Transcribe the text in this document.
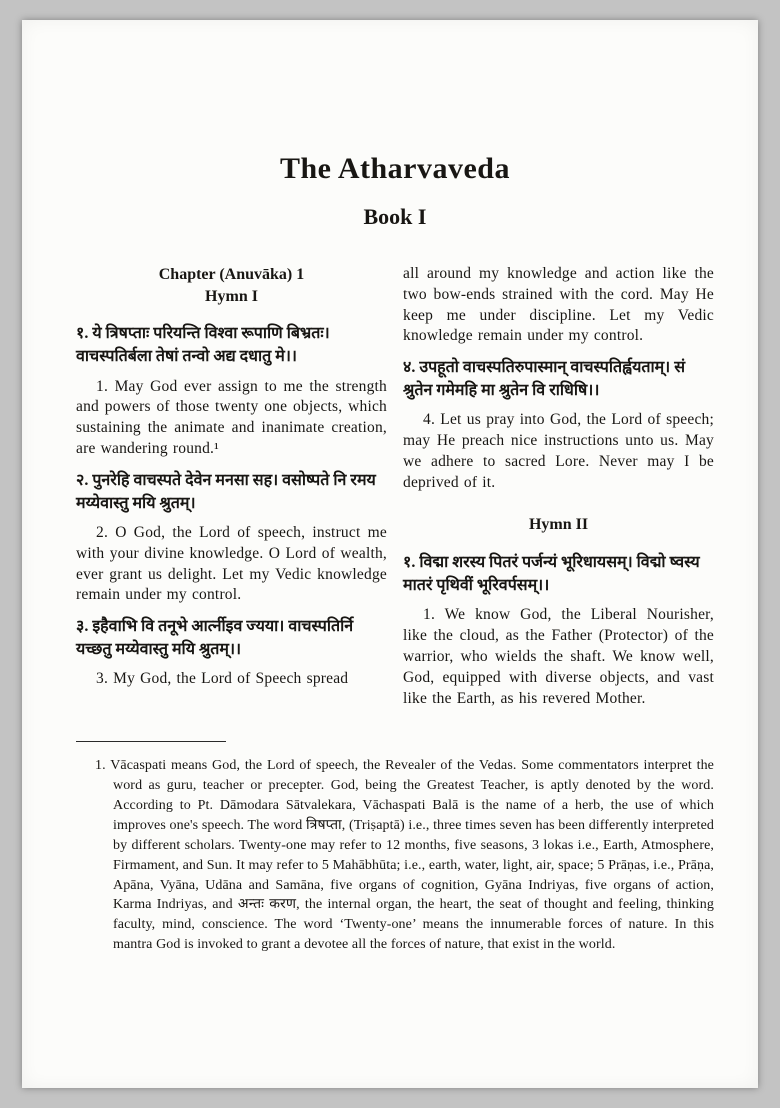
The Atharvaveda
Book I

Chapter (Anuvāka) 1

Hymn I

१. ये त्रिषप्ताः परियन्ति विश्वा रूपाणि बिभ्रतः। वाचस्पतिर्बला तेषां तन्वो अद्य दधातु मे।।

1. May God ever assign to me the strength and powers of those twenty one objects, which sustaining the animate and inanimate creation, are wandering round.¹

२. पुनरेहि वाचस्पते देवेन मनसा सह। वसोष्पते नि रमय मय्येवास्तु मयि श्रुतम्।

2. O God, the Lord of speech, instruct me with your divine knowledge. O Lord of wealth, ever grant us delight. Let my Vedic knowledge remain under my control.

३. इहैवाभि वि तनूभे आर्त्नीइव ज्यया। वाचस्पतिर्नि यच्छतु मय्येवास्तु मयि श्रुतम्।।

3. My God, the Lord of Speech spread

all around my knowledge and action like the two bow-ends strained with the cord. May He keep me under discipline. Let my Vedic knowledge remain under my control.

४. उपहूतो वाचस्पतिरुपास्मान् वाचस्पतिर्ह्वयताम्। सं श्रुतेन गमेमहि मा श्रुतेन वि राधिषि।।

4. Let us pray into God, the Lord of speech; may He preach nice instructions unto us. May we adhere to sacred Lore. Never may I be deprived of it.

Hymn II

१. विद्मा शरस्य पितरं पर्जन्यं भूरिधायसम्। विद्मो ष्वस्य मातरं पृथिवीं भूरिवर्पसम्।।

1. We know God, the Liberal Nourisher, like the cloud, as the Father (Protector) of the warrior, who wields the shaft. We know well, God, equipped with diverse objects, and vast like the Earth, as his revered Mother.

1. Vācaspati means God, the Lord of speech, the Revealer of the Vedas. Some commentators interpret the word as guru, teacher or precepter. God, being the Greatest Teacher, is aptly denoted by the word. According to Pt. Dāmodara Sātvalekara, Vāchaspati Balā is the name of a herb, the use of which improves one's speech. The word त्रिषप्ता, (Triṣaptā) i.e., three times seven has been differently interpreted by different scholars. Twenty-one may refer to 12 months, five seasons, 3 lokas i.e., Earth, Atmosphere, Firmament, and Sun. It may refer to 5 Mahābhūta; i.e., earth, water, light, air, space; 5 Prāṇas, i.e., Prāṇa, Apāna, Vyāna, Udāna and Samāna, five organs of cognition, Gyāna Indriyas, five organs of action, Karma Indriyas, and अन्तः करण, the internal organ, the heart, the seat of thought and feeling, thinking faculty, mind, conscience. The word ‘Twenty-one’ means the innumerable forces of nature. In this mantra God is invoked to grant a devotee all the forces of nature, that exist in the world.
